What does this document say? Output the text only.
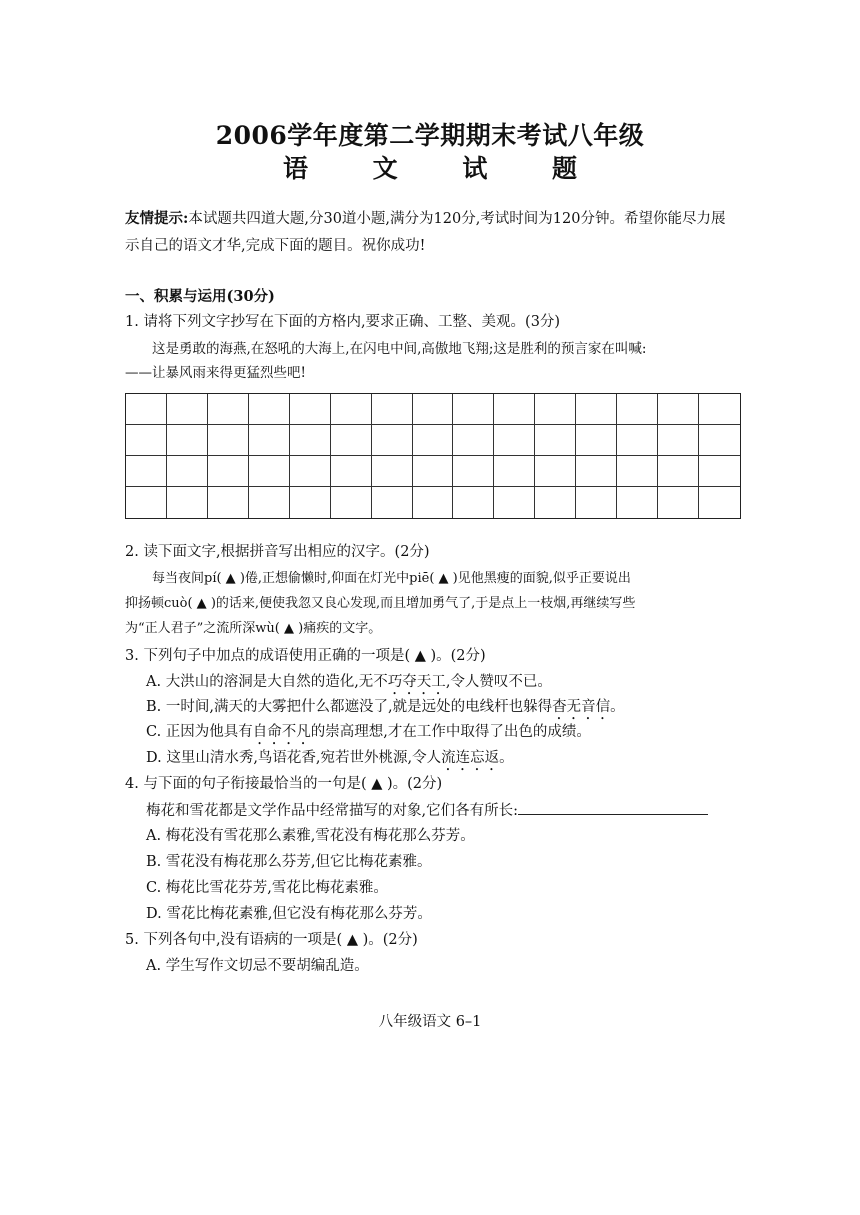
2006学年度第二学期期末考试八年级
语 文 试 题
友情提示:本试题共四道大题,分30道小题,满分为120分,考试时间为120分钟。希望你能尽力展
示自己的语文才华,完成下面的题目。祝你成功!
一、积累与运用(30分)
1. 请将下列文字抄写在下面的方格内,要求正确、工整、美观。(3分)
这是勇敢的海燕,在怒吼的大海上,在闪电中间,高傲地飞翔;这是胜利的预言家在叫喊:
——让暴风雨来得更猛烈些吧!
2. 读下面文字,根据拼音写出相应的汉字。(2分)
每当夜间pí( ▲ )倦,正想偷懒时,仰面在灯光中piē( ▲ )见他黑瘦的面貌,似乎正要说出
抑扬顿cuò( ▲ )的话来,便使我忽又良心发现,而且增加勇气了,于是点上一枝烟,再继续写些
为“正人君子”之流所深wù( ▲ )痛疾的文字。
3. 下列句子中加点的成语使用正确的一项是( ▲ )。(2分)
A. 大洪山的溶洞是大自然的造化,无不巧夺天工,令人赞叹不已。
B. 一时间,满天的大雾把什么都遮没了,就是远处的电线杆也躲得杳无音信。
C. 正因为他具有自命不凡的崇高理想,才在工作中取得了出色的成绩。
D. 这里山清水秀,鸟语花香,宛若世外桃源,令人流连忘返。
4. 与下面的句子衔接最恰当的一句是( ▲ )。(2分)
梅花和雪花都是文学作品中经常描写的对象,它们各有所长:
A. 梅花没有雪花那么素雅,雪花没有梅花那么芬芳。
B. 雪花没有梅花那么芬芳,但它比梅花素雅。
C. 梅花比雪花芬芳,雪花比梅花素雅。
D. 雪花比梅花素雅,但它没有梅花那么芬芳。
5. 下列各句中,没有语病的一项是( ▲ )。(2分)
A. 学生写作文切忌不要胡编乱造。
八年级语文 6–1
